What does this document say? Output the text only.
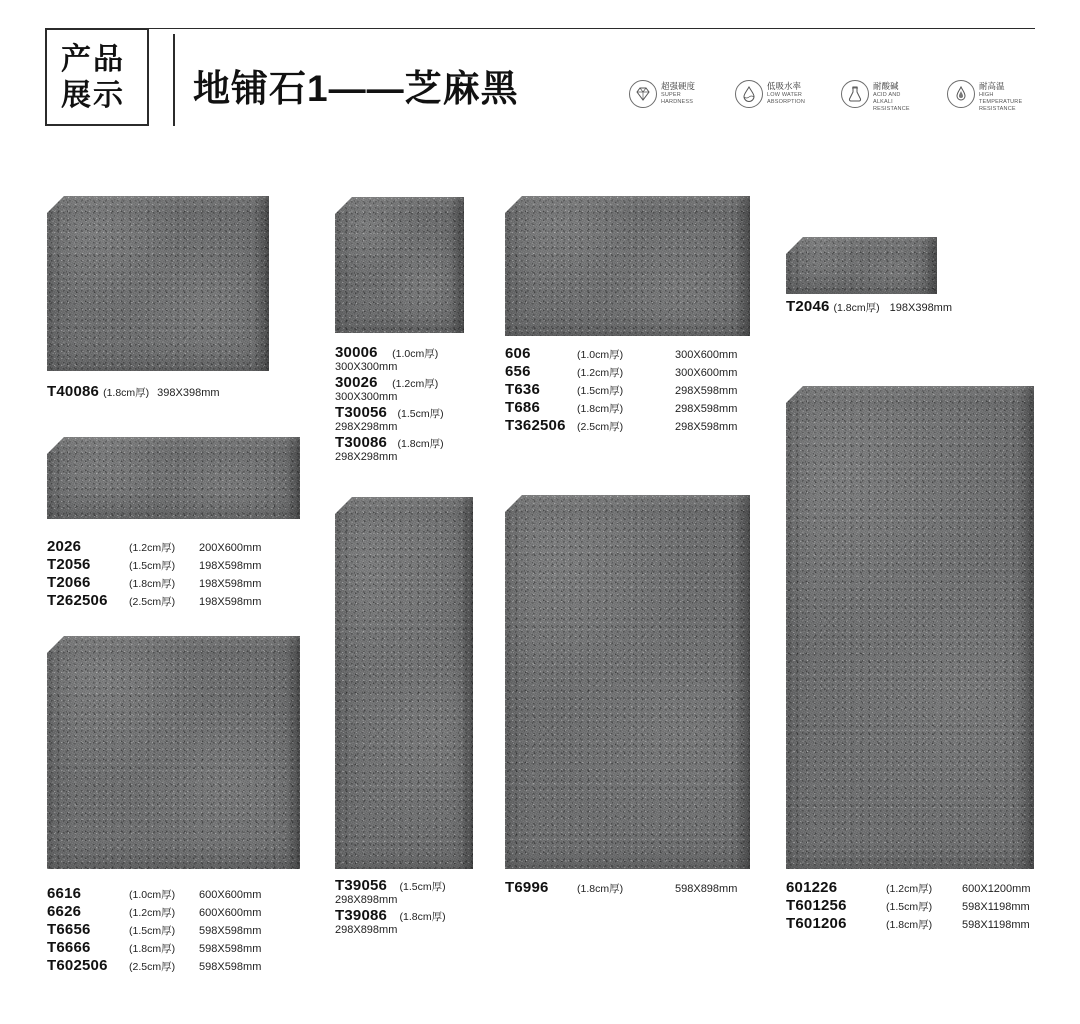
产品
展示	地铺石1——芝麻黑	超强硬度
SUPER
HARDNESS
低吸水率
LOW WATER
ABSORPTION
耐酸碱
ACID AND
ALKALI RESISTANCE
耐高温
HIGH TEMPERATURE
RESISTANCE
T40086 (1.8cm厚) 398X398mm
2026	(1.2cm厚)	200X600mm
T2056	(1.5cm厚)	198X598mm
T2066	(1.8cm厚)	198X598mm
T262506	(2.5cm厚)	198X598mm
6616	(1.0cm厚)	600X600mm
6626	(1.2cm厚)	600X600mm
T6656	(1.5cm厚)	598X598mm
T6666	(1.8cm厚)	598X598mm
T602506	(2.5cm厚)	598X598mm
30006 (1.0cm厚)
300X300mm
30026 (1.2cm厚)
300X300mm
T30056 (1.5cm厚)
298X298mm
T30086 (1.8cm厚)
298X298mm
T39056 (1.5cm厚)
298X898mm
T39086 (1.8cm厚)
298X898mm
606	(1.0cm厚)	300X600mm
656	(1.2cm厚)	300X600mm
T636	(1.5cm厚)	298X598mm
T686	(1.8cm厚)	298X598mm
T362506	(2.5cm厚)	298X598mm
T6996	(1.8cm厚)	598X898mm
T2046 (1.8cm厚) 198X398mm
601226	(1.2cm厚)	600X1200mm
T601256	(1.5cm厚)	598X1198mm
T601206	(1.8cm厚)	598X1198mm
